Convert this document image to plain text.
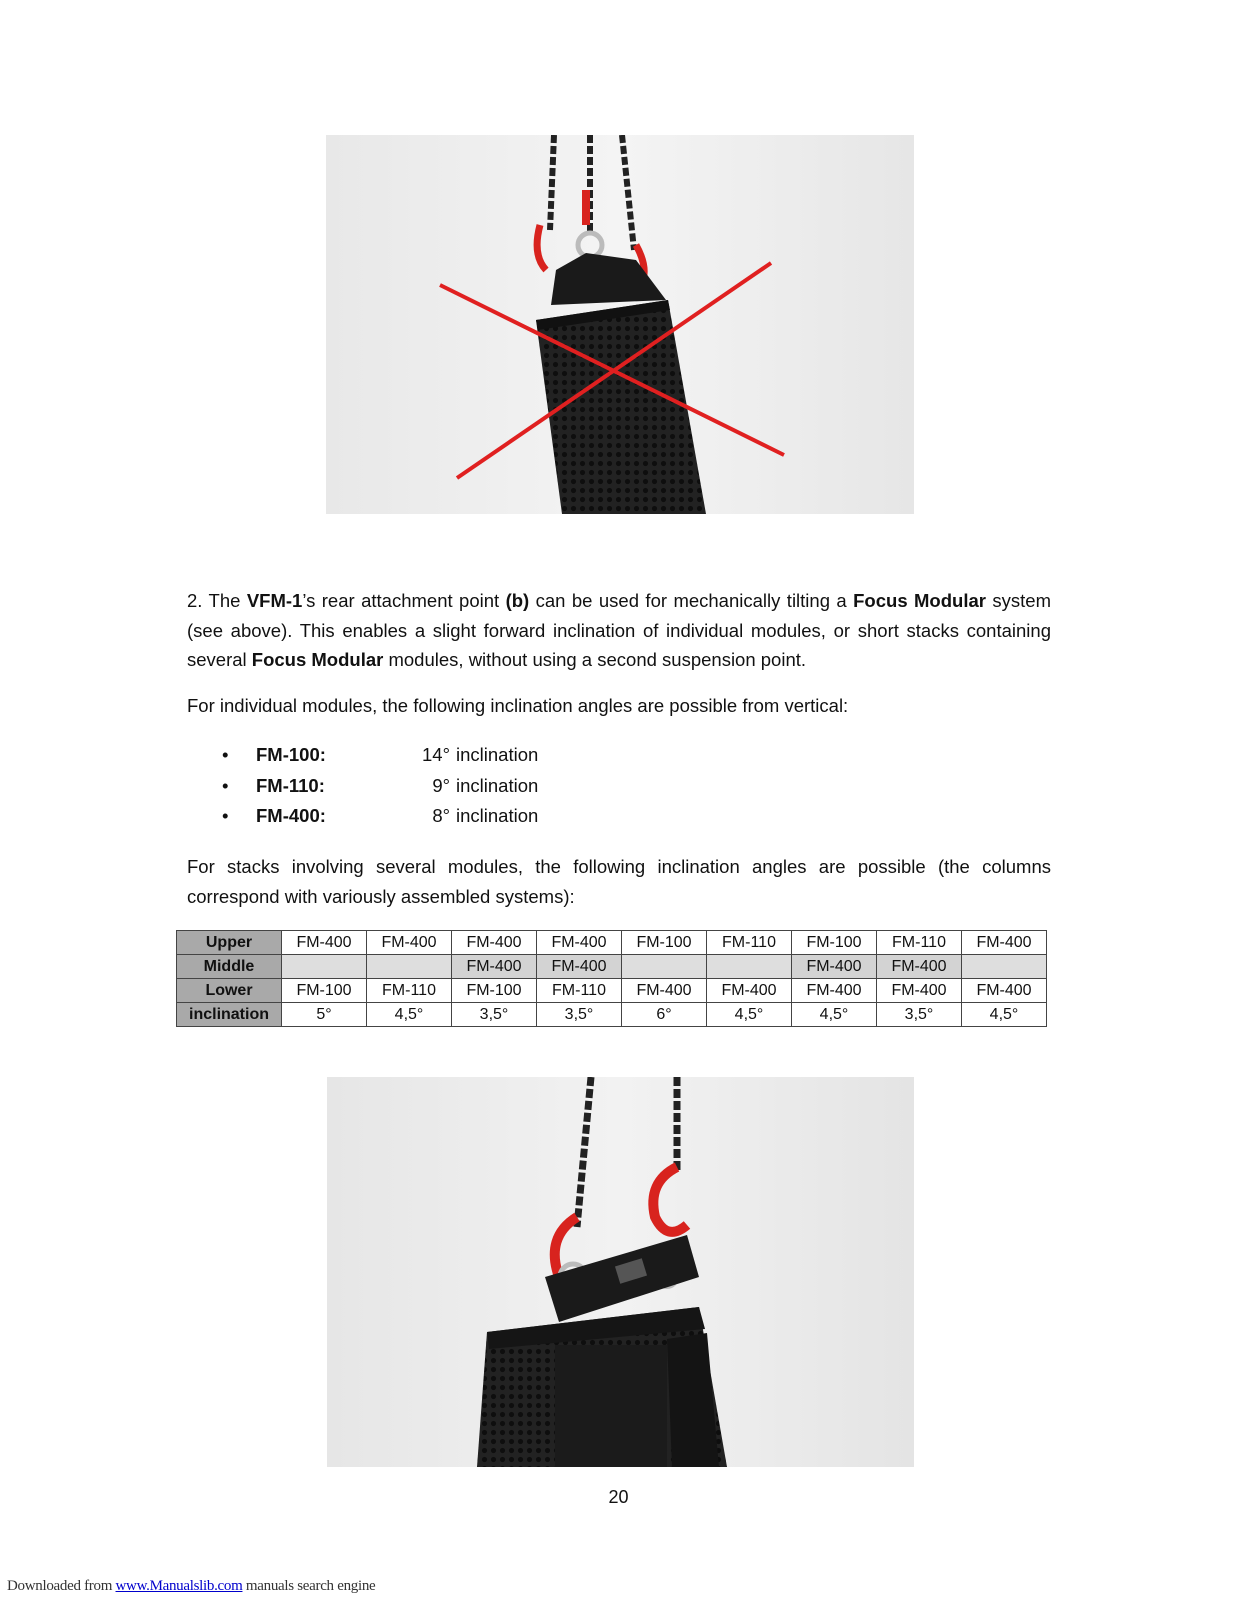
2. The VFM-1’s rear attachment point (b) can be used for mechanically tilting a Focus Modular system (see above). This enables a slight forward inclination of individual modules, or short stacks containing several Focus Modular modules, without using a second suspension point.

For individual modules, the following inclination angles are possible from vertical:

•	FM-100:	14° inclination
•	FM-110:	9° inclination
•	FM-400:	8° inclination

For stacks involving several modules, the following inclination angles are possible (the columns correspond with variously assembled systems):

Upper	FM-400	FM-400	FM-400	FM-400	FM-100	FM-110	FM-100	FM-110	FM-400
Middle			FM-400	FM-400			FM-400	FM-400	
Lower	FM-100	FM-110	FM-100	FM-110	FM-400	FM-400	FM-400	FM-400	FM-400
inclination	5°	4,5°	3,5°	3,5°	6°	4,5°	4,5°	3,5°	4,5°
20
Downloaded from www.Manualslib.com manuals search engine
